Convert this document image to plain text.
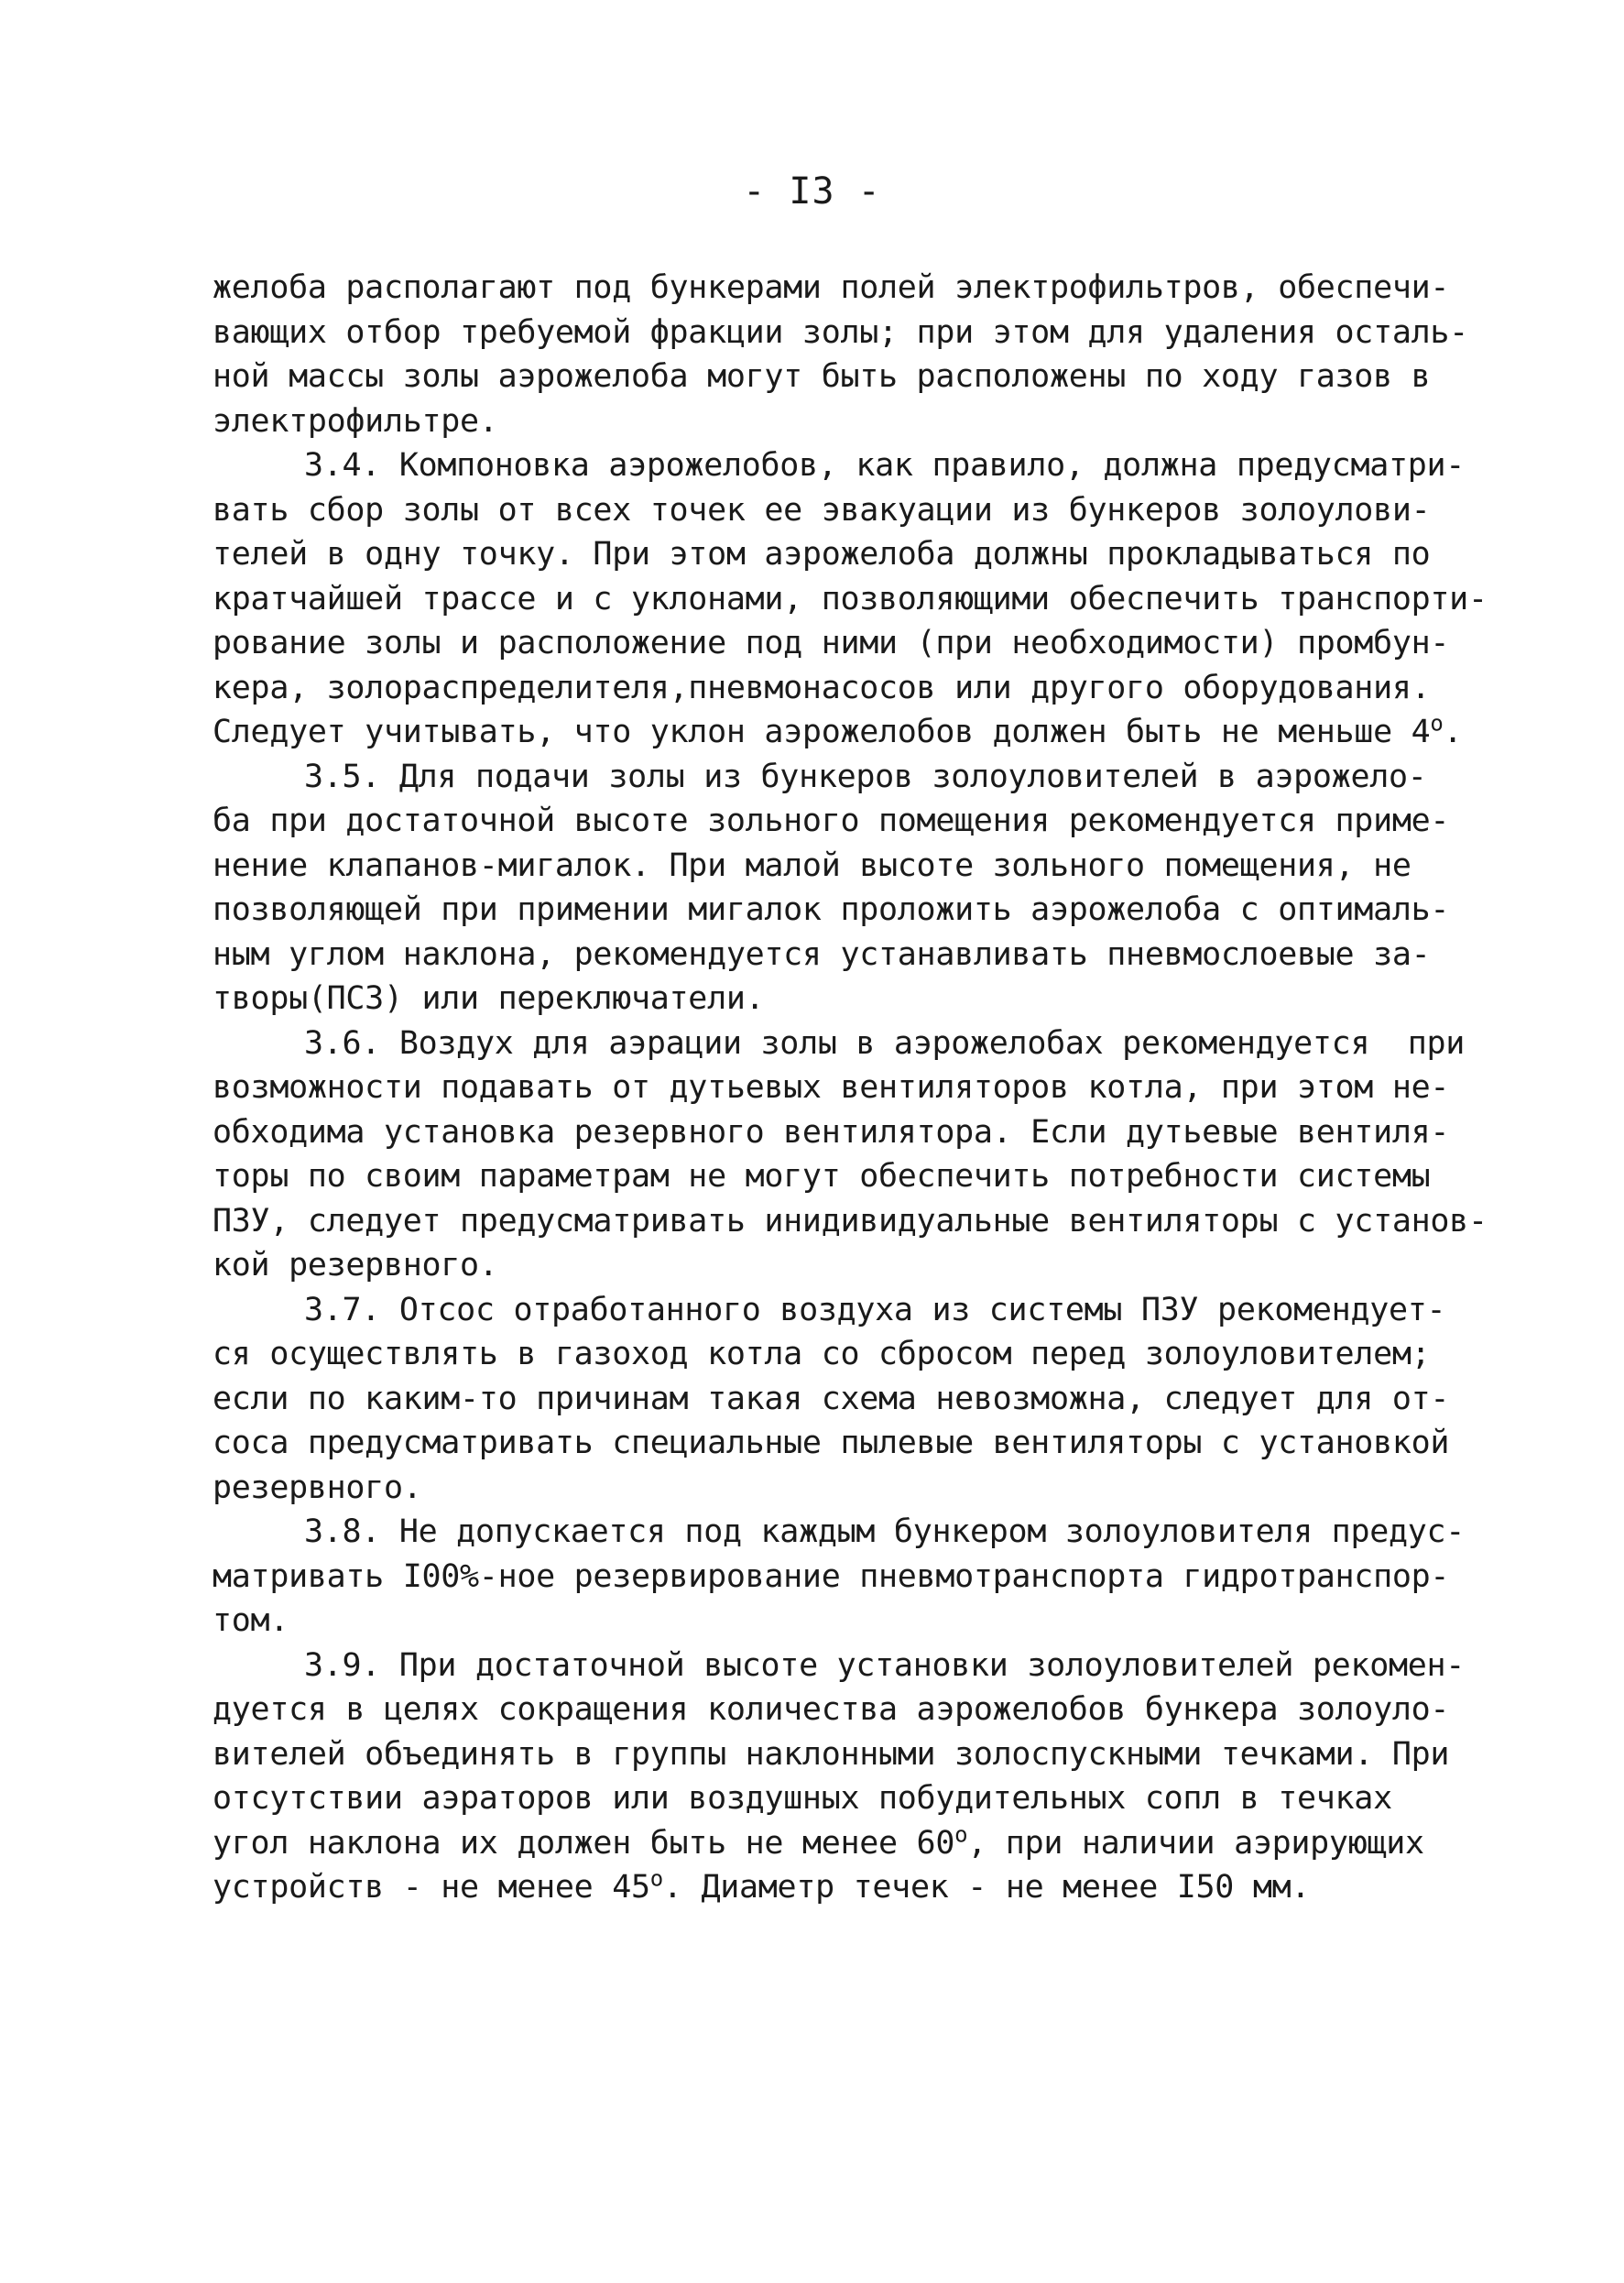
- I3 -
желоба располагают под бункерами полей электрофильтров, обеспечи-
вающих отбор требуемой фракции золы; при этом для удаления осталь-
ной массы золы аэрожелоба могут быть расположены по ходу газов в
электрофильтре.
3.4. Компоновка аэрожелобов, как правило, должна предусматри-
вать сбор золы от всех точек ее эвакуации из бункеров золоулови-
телей в одну точку. При этом аэрожелоба должны прокладываться по
кратчайшей трассе и с уклонами, позволяющими обеспечить транспорти-
рование золы и расположение под ними (при необходимости) промбун-
кера, золораспределителя,пневмонасосов или другого оборудования.
Следует учитывать, что уклон аэрожелобов должен быть не меньше $4^о$.
3.5. Для подачи золы из бункеров золоуловителей в аэрожело-
ба при достаточной высоте зольного помещения рекомендуется приме-
нение клапанов-мигалок. При малой высоте зольного помещения, не
позволяющей при примении мигалок проложить аэрожелоба с оптималь-
ным углом наклона, рекомендуется устанавливать пневмослоевые за-
творы(ПСЗ) или переключатели.
3.6. Воздух для аэрации золы в аэрожелобах рекомендуется  при
возможности подавать от дутьевых вентиляторов котла, при этом не-
обходима установка резервного вентилятора. Если дутьевые вентиля-
торы по своим параметрам не могут обеспечить потребности системы
ПЗУ, следует предусматривать инидивидуальные вентиляторы с установ-
кой резервного.
3.7. Отсос отработанного воздуха из системы ПЗУ рекомендует-
ся осуществлять в газоход котла со сбросом перед золоуловителем;
если по каким-то причинам такая схема невозможна, следует для от-
соса предусматривать специальные пылевые вентиляторы с установкой
резервного.
3.8. Не допускается под каждым бункером золоуловителя предус-
матривать I00%-ное резервирование пневмотранспорта гидротранспор-
том.
3.9. При достаточной высоте установки золоуловителей рекомен-
дуется в целях сокращения количества аэрожелобов бункера золоуло-
вителей объединять в группы наклонными золоспускными течками. При
отсутствии аэраторов или воздушных побудительных сопл в течках
угол наклона их должен быть не менее $60^о$, при наличии аэрирующих
устройств - не менее $45^о$. Диаметр течек - не менее I50 мм.
